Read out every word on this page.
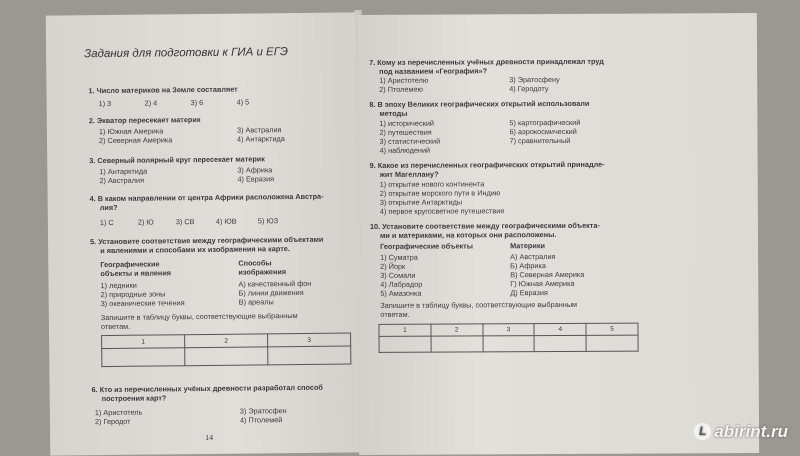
Задания для подготовки к ГИА и ЕГЭ
1. Число материков на Земле составляет
1) 3	2) 4	3) 6	4) 5
2. Экватор пересекает материк
1) Южная Америка
2) Северная Америка
3) Австралия
4) Антарктида
3. Северный полярный круг пересекает материк
1) Антарктида
2) Австралия
3) Африка
4) Евразия
4. В каком направлении от центра Африки расположена Австра-
лия?
1) С	2) Ю	3) СВ	4) ЮВ	5) ЮЗ
5. Установите соответствие между географическими объектами
и явлениями и способами их изображения на карте.
Географические
объекты и явления
Способы
изображения
1) ледники
2) природные зоны
3) океанические течения
А) качественный фон
Б) линии движения
В) ареалы
Запишите в таблицу буквы, соответствующие выбранным
ответам.
1	2	3

6. Кто из перечисленных учёных древности разработал способ
построения карт?
1) Аристотель
2) Геродот
3) Эратосфен
4) Птолемей
14
7. Кому из перечисленных учёных древности принадлежал труд
под названием «География»?
1) Аристотелю
2) Птолемею
3) Эратосфену
4) Геродоту
8. В эпоху Великих географических открытий использовали
методы
1) исторический
2) путешествия
3) статистический
4) наблюдений
5) картографический
6) аэрокосмический
7) сравнительный
9. Какое из перечисленных географических открытий принадле-
жит Магеллану?
1) открытие нового континента
2) открытие морского пути в Индию
3) открытие Антарктиды
4) первое кругосветное путешествие
10. Установите соответствие между географическими объекта-
ми и материками, на которых они расположены.
Географические объекты	Материки
1) Суматра
2) Йорк
3) Сомали
4) Лабрадор
5) Амазонка
А) Австралия
Б) Африка
В) Северная Америка
Г) Южная Америка
Д) Евразия
Запишите в таблицу буквы, соответствующие выбранным
ответам.
1	2	3	4	5

L abirint.ru
